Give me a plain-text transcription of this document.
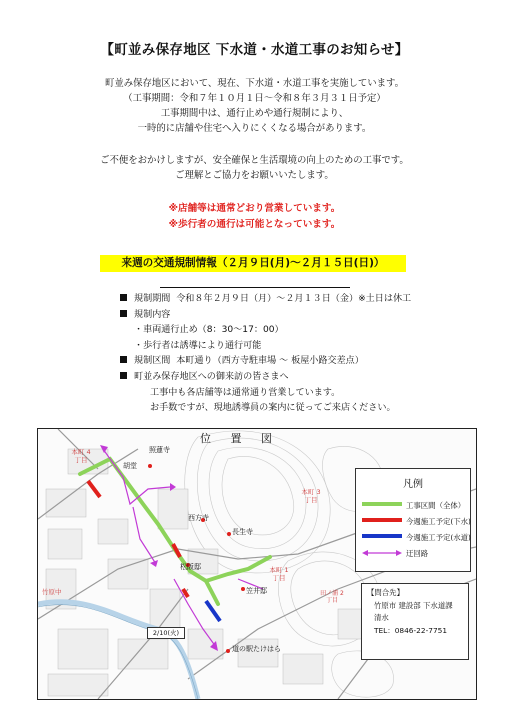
【町並み保存地区 下水道・水道工事のお知らせ】
町並み保存地区において、現在、下水道・水道工事を実施しています。
（工事期間：令和７年１０月１日～令和８年３月３１日予定）
工事期間中は、通行止めや通行規制により、
一時的に店舗や住宅へ入りにくくなる場合があります。
ご不便をおかけしますが、安全確保と生活環境の向上のための工事です。
ご理解とご協力をお願いいたします。
※店舗等は通常どおり営業しています。
※歩行者の通行は可能となっています。
来週の交通規制情報（２月９日(月)～２月１５日(日)）
規制期間 令和８年２月９日（月）～２月１３日（金）※土日は休工
規制内容
・車両通行止め（8：30～17：00）
・歩行者は誘導により通行可能
規制区間 本町通り（西方寺駐車場 ～ 板屋小路交差点）
町並み保存地区への御来訪の皆さまへ
工事中も各店舗等は通常通り営業しています。
お手数ですが、現地誘導員の案内に従ってご来店ください。
位 置 図
照蓮寺
胡堂
西方寺
長生寺
松阪邸
笠井邸
道の駅たけはら
本町 4丁目
本町 3丁目
本町 1丁目
田ノ浦 2丁目
竹原中
2/10(火)
凡例
工事区間（全体）
今週施工予定(下水)
今週施工予定(水道)
迂回路
【問合先】
竹原市 建設部 下水道課
清水
TEL：0846-22-7751
